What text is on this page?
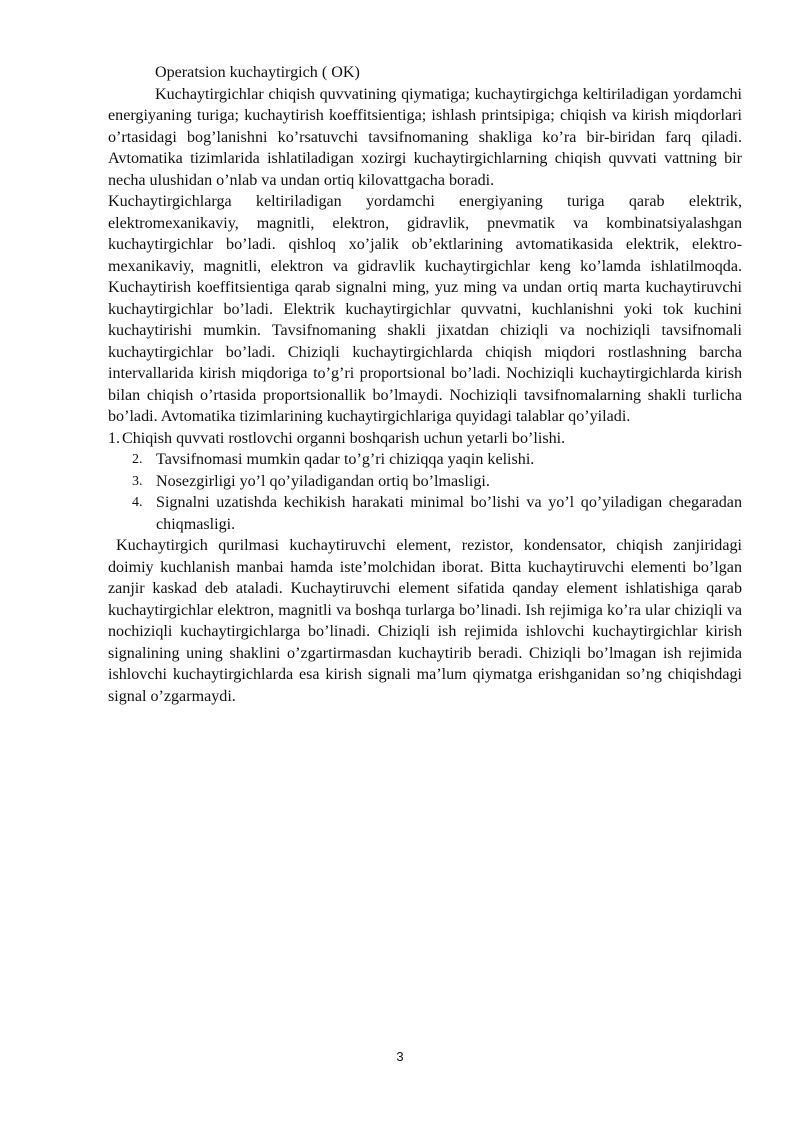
Operatsion kuchaytirgich ( OK)

Kuchaytirgichlar chiqish quvvatining qiymatiga; kuchaytirgichga keltiriladigan yordamchi energiyaning turiga; kuchaytirish koeffitsientiga; ishlash printsipiga; chiqish va kirish miqdorlari o’rtasidagi bog’lanishni ko’rsatuvchi tavsifnomaning shakliga ko’ra bir-biridan farq qiladi. Avtomatika tizimlarida ishlatiladigan xozirgi kuchaytirgichlarning chiqish quvvati vattning bir necha ulushidan o’nlab va undan ortiq kilovattgacha boradi.

Kuchaytirgichlarga keltiriladigan yordamchi energiyaning turiga qarab elektrik, elektromexanikaviy, magnitli, elektron, gidravlik, pnevmatik va kombinatsiyalashgan kuchaytirgichlar bo’ladi. qishloq xo’jalik ob’ektlarining avtomatikasida elektrik, elektro-mexanikaviy, magnitli, elektron va gidravlik kuchaytirgichlar keng ko’lamda ishlatilmoqda. Kuchaytirish koeffitsientiga qarab signalni ming, yuz ming va undan ortiq marta kuchaytiruvchi kuchaytirgichlar bo’ladi. Elektrik kuchaytirgichlar quvvatni, kuchlanishni yoki tok kuchini kuchaytirishi mumkin. Tavsifnomaning shakli jixatdan chiziqli va nochiziqli tavsifnomali kuchaytirgichlar bo’ladi. Chiziqli kuchaytirgichlarda chiqish miqdori rostlashning barcha intervallarida kirish miqdoriga to’g’ri proportsional bo’ladi. Nochiziqli kuchaytirgichlarda kirish bilan chiqish o’rtasida proportsionallik bo’lmaydi. Nochiziqli tavsifnomalarning shakli turlicha bo’ladi. Avtomatika tizimlarining kuchaytirgichlariga quyidagi talablar qo’yiladi.

1. Chiqish quvvati rostlovchi organni boshqarish uchun yetarli bo’lishi.
2. Tavsifnomasi mumkin qadar to’g’ri chiziqqa yaqin kelishi.
3. Nosezgirligi yo’l qo’yiladigandan ortiq bo’lmasligi.
4. Signalni uzatishda kechikish harakati minimal bo’lishi va yo’l qo’yiladigan chegaradan chiqmasligi.

Kuchaytirgich qurilmasi kuchaytiruvchi element, rezistor, kondensator, chiqish zanjiridagi doimiy kuchlanish manbai hamda iste’molchidan iborat. Bitta kuchaytiruvchi elementi bo’lgan zanjir kaskad deb ataladi. Kuchaytiruvchi element sifatida qanday element ishlatishiga qarab kuchaytirgichlar elektron, magnitli va boshqa turlarga bo’linadi. Ish rejimiga ko’ra ular chiziqli va nochiziqli kuchaytirgichlarga bo’linadi. Chiziqli ish rejimida ishlovchi kuchaytirgichlar kirish signalining uning shaklini o’zgartirmasdan kuchaytirib beradi. Chiziqli bo’lmagan ish rejimida ishlovchi kuchaytirgichlarda esa kirish signali ma’lum qiymatga erishganidan so’ng chiqishdagi signal o’zgarmaydi.

3
